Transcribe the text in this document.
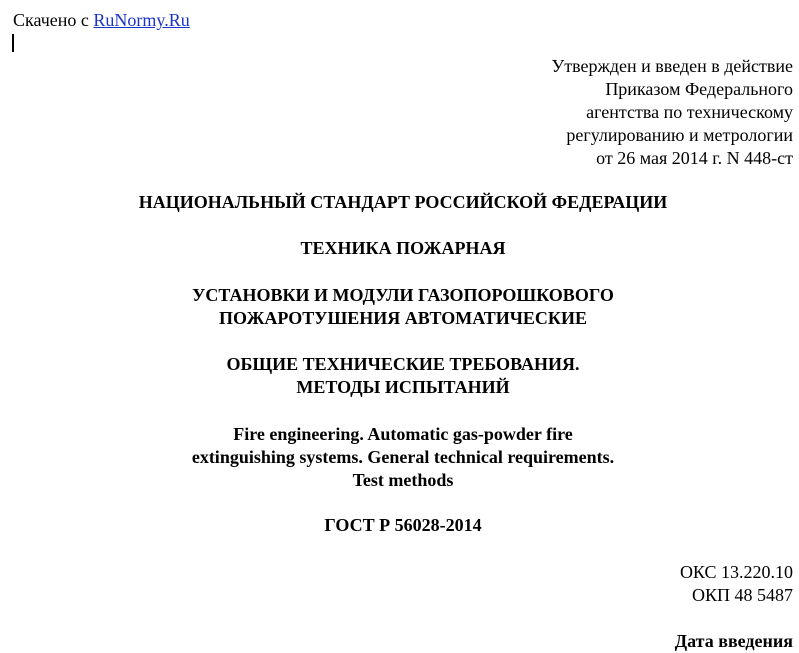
Скачено с RuNormy.Ru
Утвержден и введен в действие
Приказом Федерального
агентства по техническому
регулированию и метрологии
от 26 мая 2014 г. N 448-ст
НАЦИОНАЛЬНЫЙ СТАНДАРТ РОССИЙСКОЙ ФЕДЕРАЦИИ
ТЕХНИКА ПОЖАРНАЯ
УСТАНОВКИ И МОДУЛИ ГАЗОПОРОШКОВОГО
ПОЖАРОТУШЕНИЯ АВТОМАТИЧЕСКИЕ
ОБЩИЕ ТЕХНИЧЕСКИЕ ТРЕБОВАНИЯ.
МЕТОДЫ ИСПЫТАНИЙ
Fire engineering. Automatic gas-powder fire
extinguishing systems. General technical requirements.
Test methods
ГОСТ Р 56028-2014
ОКС 13.220.10
ОКП 48 5487
Дата введения
